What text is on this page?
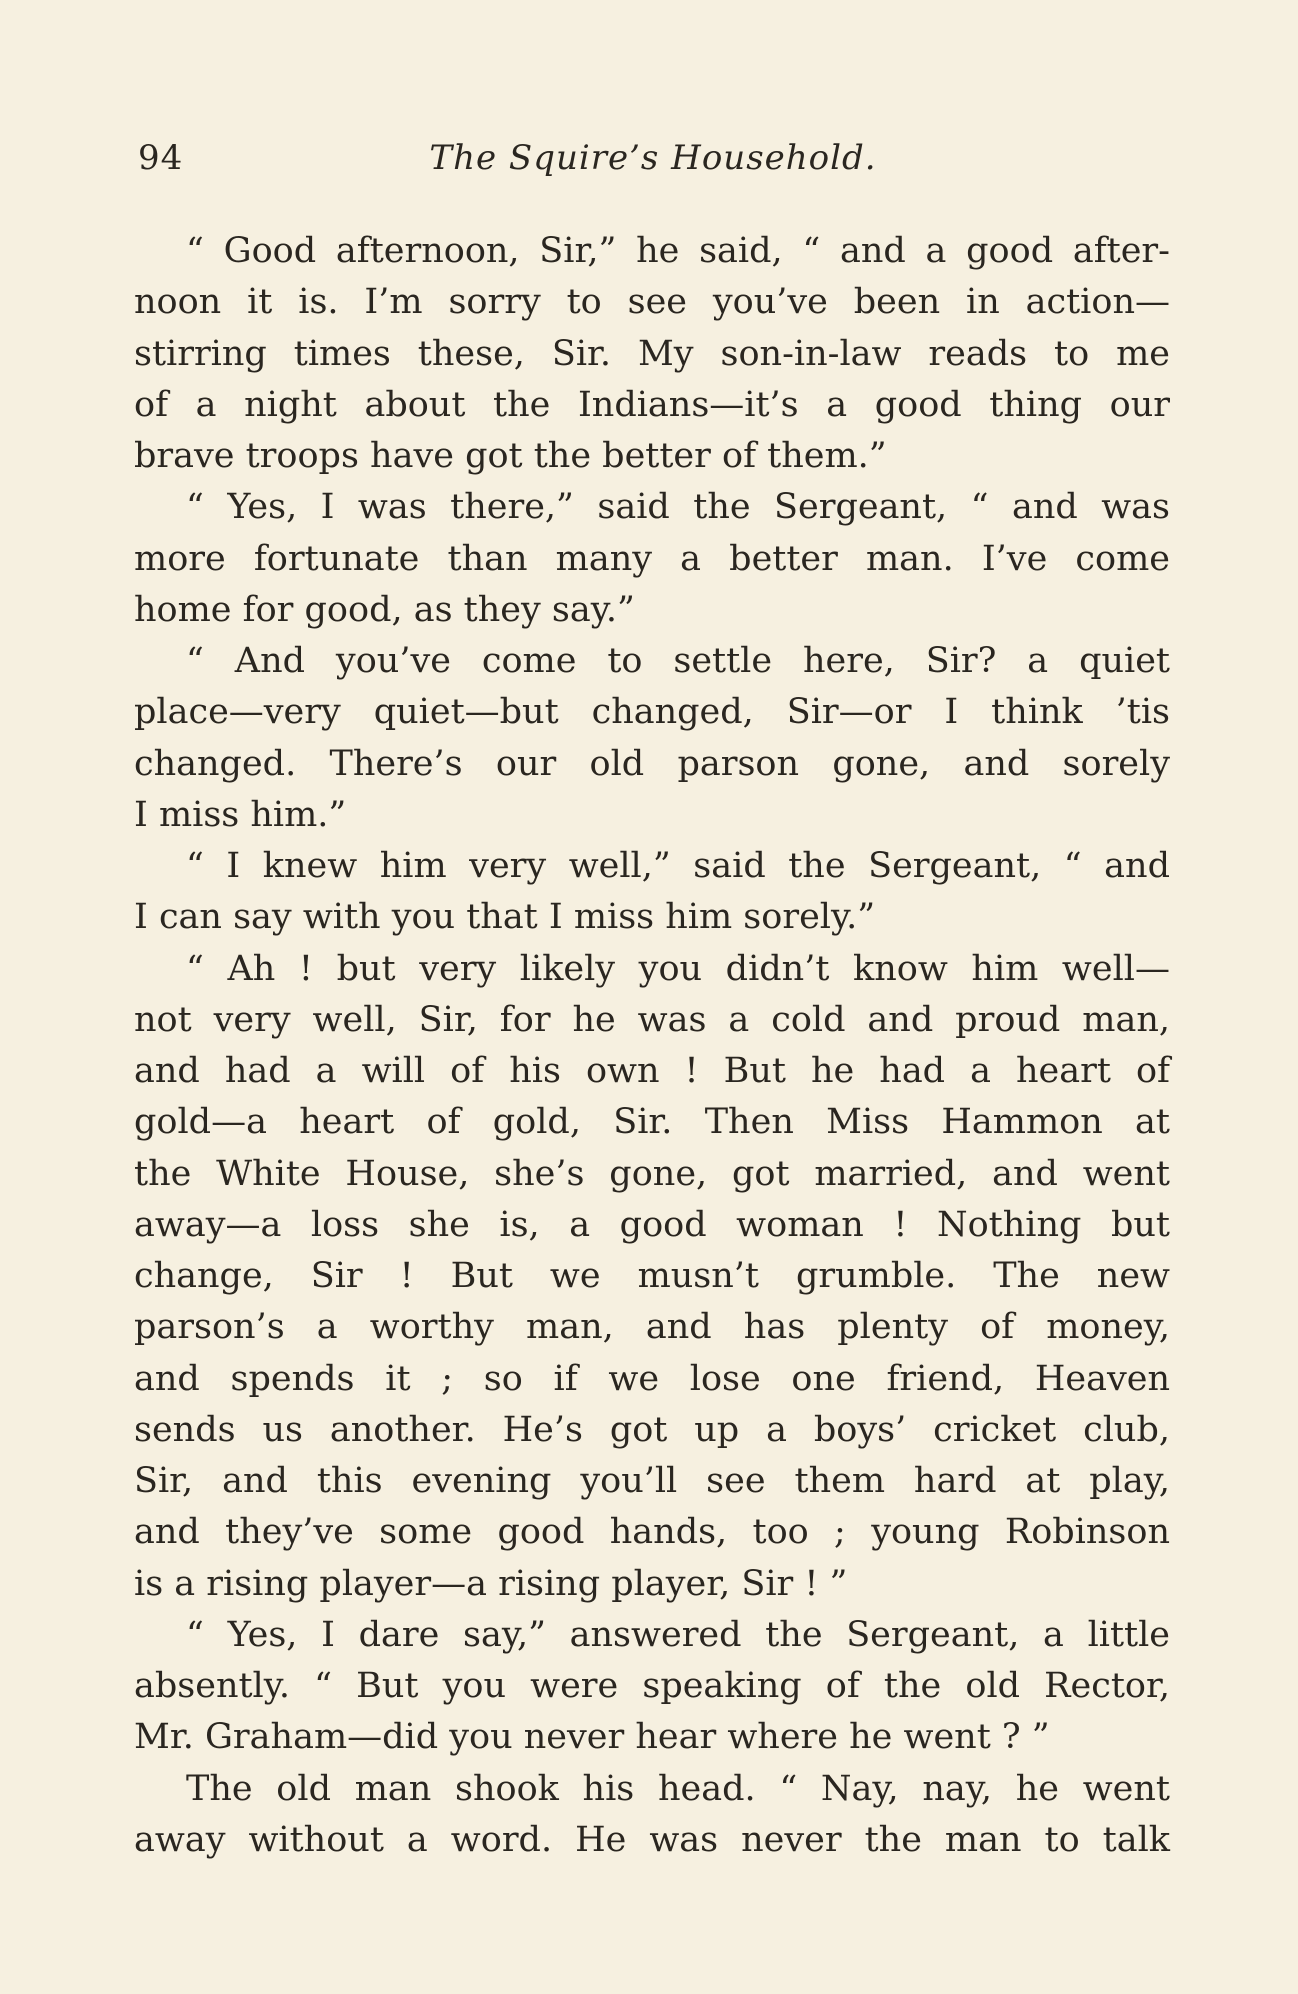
94	The Squire’s Household.
“ Good afternoon, Sir,” he said, “ and a good after-
noon it is. I’m sorry to see you’ve been in action—
stirring times these, Sir. My son-in-law reads to me
of a night about the Indians—it’s a good thing our
brave troops have got the better of them.”
“ Yes, I was there,” said the Sergeant, “ and was
more fortunate than many a better man. I’ve come
home for good, as they say.”
“ And you’ve come to settle here, Sir? a quiet
place—very quiet—but changed, Sir—or I think ’tis
changed. There’s our old parson gone, and sorely
I miss him.”
“ I knew him very well,” said the Sergeant, “ and
I can say with you that I miss him sorely.”
“ Ah ! but very likely you didn’t know him well—
not very well, Sir, for he was a cold and proud man,
and had a will of his own ! But he had a heart of
gold—a heart of gold, Sir. Then Miss Hammon at
the White House, she’s gone, got married, and went
away—a loss she is, a good woman ! Nothing but
change, Sir ! But we musn’t grumble. The new
parson’s a worthy man, and has plenty of money,
and spends it ; so if we lose one friend, Heaven
sends us another. He’s got up a boys’ cricket club,
Sir, and this evening you’ll see them hard at play,
and they’ve some good hands, too ; young Robinson
is a rising player—a rising player, Sir ! ”
“ Yes, I dare say,” answered the Sergeant, a little
absently. “ But you were speaking of the old Rector,
Mr. Graham—did you never hear where he went ? ”
The old man shook his head. “ Nay, nay, he went
away without a word. He was never the man to talk
